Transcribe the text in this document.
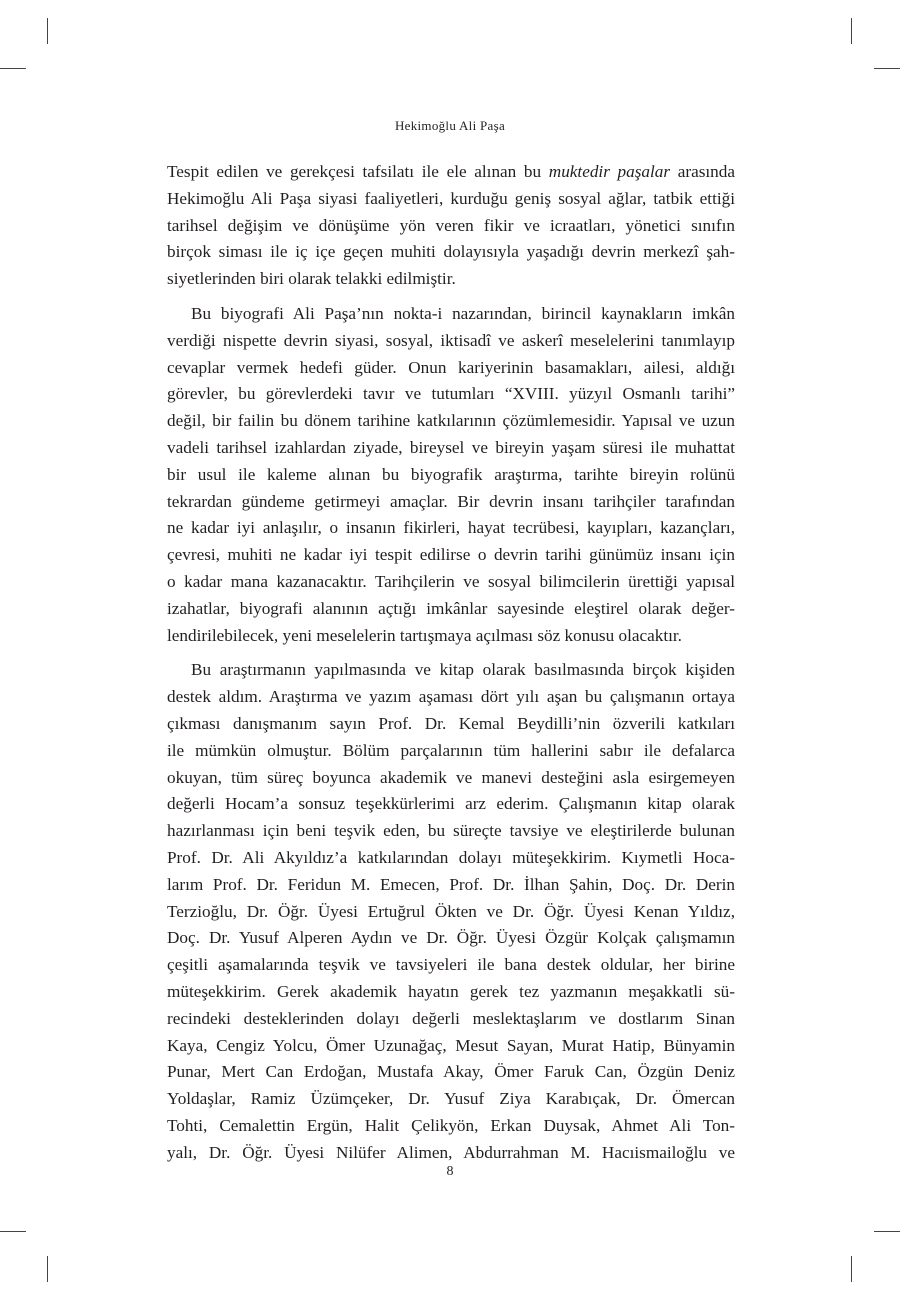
Hekimoğlu Ali Paşa
Tespit edilen ve gerekçesi tafsilatı ile ele alınan bu muktedir paşalar arasında
Hekimoğlu Ali Paşa siyasi faaliyetleri, kurduğu geniş sosyal ağlar, tatbik ettiği
tarihsel değişim ve dönüşüme yön veren fikir ve icraatları, yönetici sınıfın
birçok siması ile iç içe geçen muhiti dolayısıyla yaşadığı devrin merkezî şah-
siyetlerinden biri olarak telakki edilmiştir.
Bu biyografi Ali Paşa’nın nokta-i nazarından, birincil kaynakların imkân
verdiği nispette devrin siyasi, sosyal, iktisadî ve askerî meselelerini tanımlayıp
cevaplar vermek hedefi güder. Onun kariyerinin basamakları, ailesi, aldığı
görevler, bu görevlerdeki tavır ve tutumları “XVIII. yüzyıl Osmanlı tarihi”
değil, bir failin bu dönem tarihine katkılarının çözümlemesidir. Yapısal ve uzun
vadeli tarihsel izahlardan ziyade, bireysel ve bireyin yaşam süresi ile muhattat
bir usul ile kaleme alınan bu biyografik araştırma, tarihte bireyin rolünü
tekrardan gündeme getirmeyi amaçlar. Bir devrin insanı tarihçiler tarafından
ne kadar iyi anlaşılır, o insanın fikirleri, hayat tecrübesi, kayıpları, kazançları,
çevresi, muhiti ne kadar iyi tespit edilirse o devrin tarihi günümüz insanı için
o kadar mana kazanacaktır. Tarihçilerin ve sosyal bilimcilerin ürettiği yapısal
izahatlar, biyografi alanının açtığı imkânlar sayesinde eleştirel olarak değer-
lendirilebilecek, yeni meselelerin tartışmaya açılması söz konusu olacaktır.
Bu araştırmanın yapılmasında ve kitap olarak basılmasında birçok kişiden
destek aldım. Araştırma ve yazım aşaması dört yılı aşan bu çalışmanın ortaya
çıkması danışmanım sayın Prof. Dr. Kemal Beydilli’nin özverili katkıları
ile mümkün olmuştur. Bölüm parçalarının tüm hallerini sabır ile defalarca
okuyan, tüm süreç boyunca akademik ve manevi desteğini asla esirgemeyen
değerli Hocam’a sonsuz teşekkürlerimi arz ederim. Çalışmanın kitap olarak
hazırlanması için beni teşvik eden, bu süreçte tavsiye ve eleştirilerde bulunan
Prof. Dr. Ali Akyıldız’a katkılarından dolayı müteşekkirim. Kıymetli Hoca-
larım Prof. Dr. Feridun M. Emecen, Prof. Dr. İlhan Şahin, Doç. Dr. Derin
Terzioğlu, Dr. Öğr. Üyesi Ertuğrul Ökten ve Dr. Öğr. Üyesi Kenan Yıldız,
Doç. Dr. Yusuf Alperen Aydın ve Dr. Öğr. Üyesi Özgür Kolçak çalışmamın
çeşitli aşamalarında teşvik ve tavsiyeleri ile bana destek oldular, her birine
müteşekkirim. Gerek akademik hayatın gerek tez yazmanın meşakkatli sü-
recindeki desteklerinden dolayı değerli meslektaşlarım ve dostlarım Sinan
Kaya, Cengiz Yolcu, Ömer Uzunağaç, Mesut Sayan, Murat Hatip, Bünyamin
Punar, Mert Can Erdoğan, Mustafa Akay, Ömer Faruk Can, Özgün Deniz
Yoldaşlar, Ramiz Üzümçeker, Dr. Yusuf Ziya Karabıçak, Dr. Ömercan
Tohti, Cemalettin Ergün, Halit Çelikyön, Erkan Duysak, Ahmet Ali Ton-
yalı, Dr. Öğr. Üyesi Nilüfer Alimen, Abdurrahman M. Hacıismailoğlu ve
8
